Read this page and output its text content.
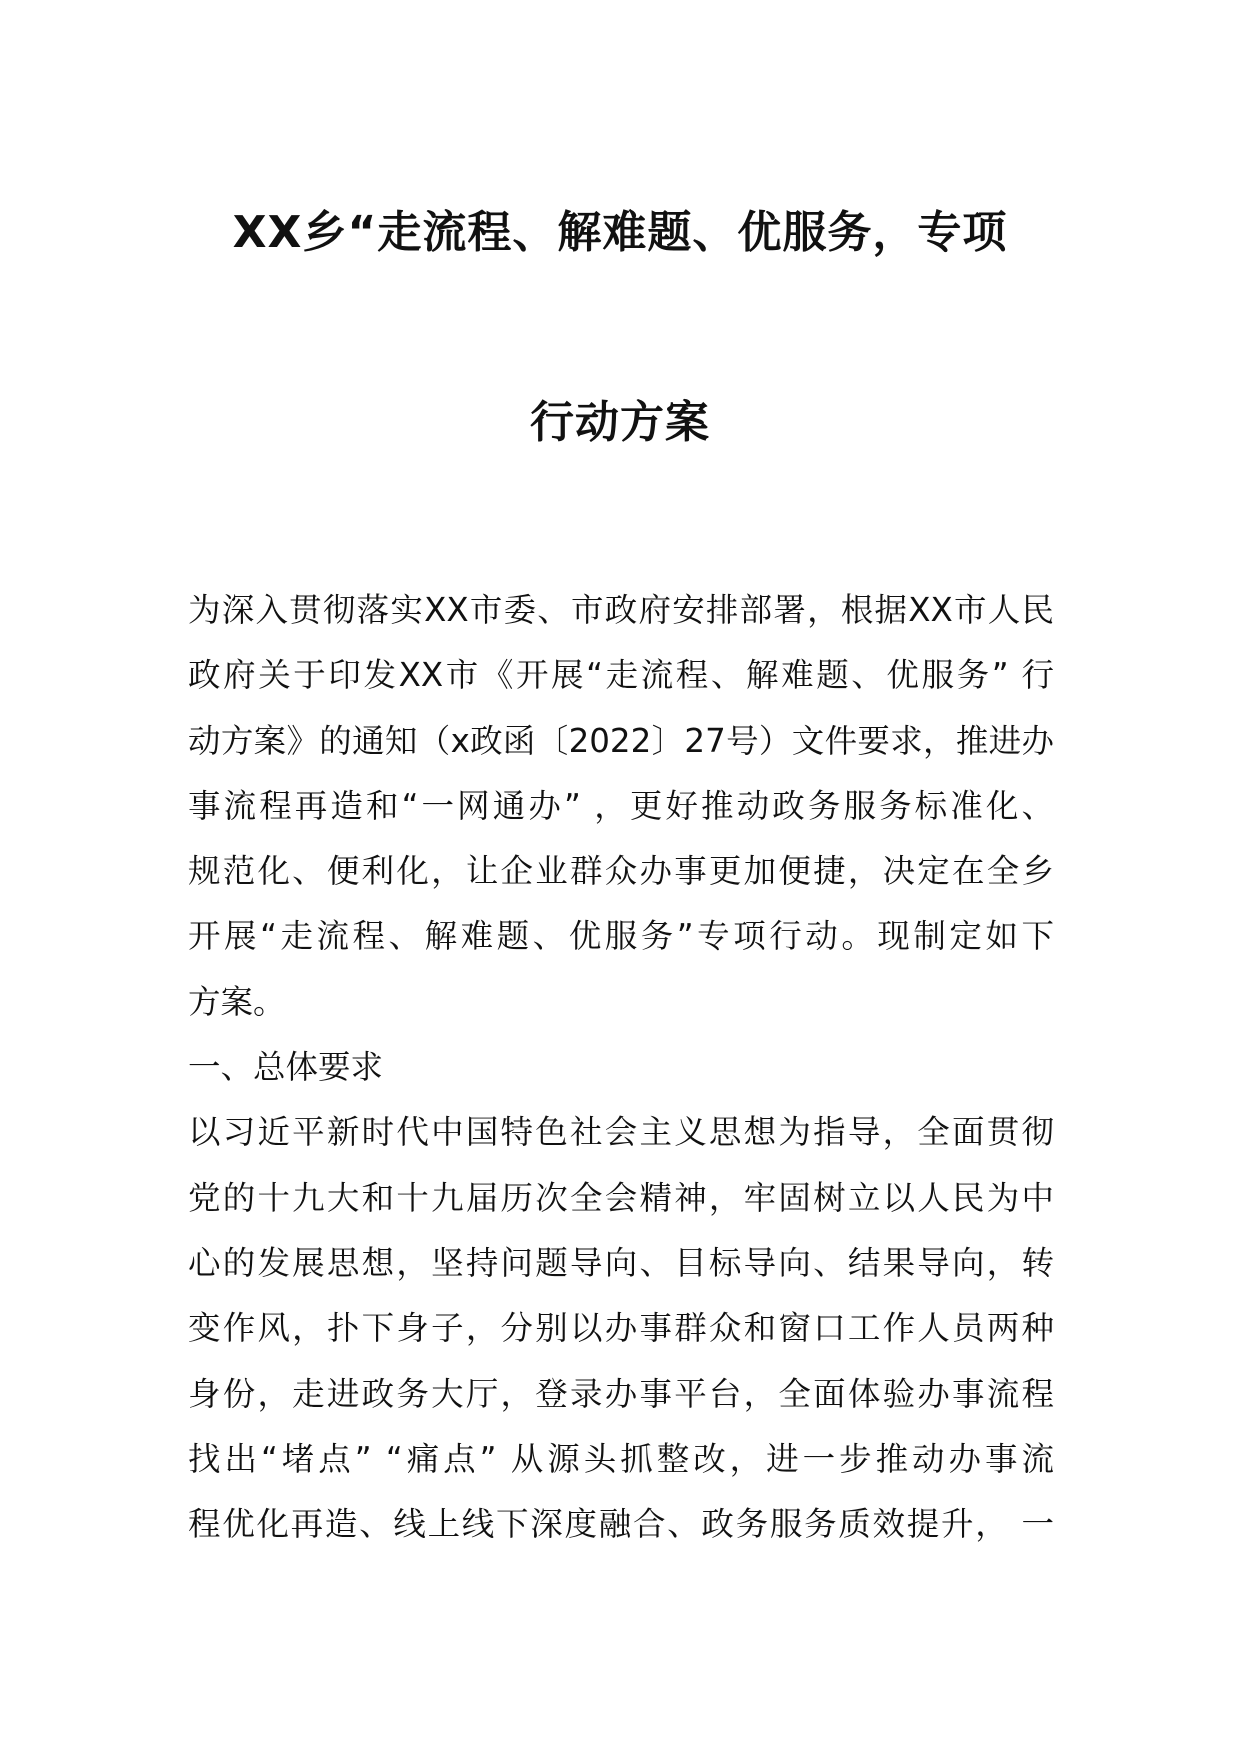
XX乡“走流程、解难题、优服务，专项
行动方案
为深入贯彻落实XX市委、市政府安排部署，根据XX市人民
政府关于印发XX市《开展“走流程、解难题、优服务” 行
动方案》的通知（x政函〔2022〕27号）文件要求，推进办
事流程再造和“一网通办” ，更好推动政务服务标准化、
规范化、便利化，让企业群众办事更加便捷，决定在全乡
开展“走流程、解难题、优服务”专项行动。现制定如下
方案。
一、总体要求
以习近平新时代中国特色社会主义思想为指导，全面贯彻
党的十九大和十九届历次全会精神，牢固树立以人民为中
心的发展思想，坚持问题导向、目标导向、结果导向，转
变作风，扑下身子，分别以办事群众和窗口工作人员两种
身份，走进政务大厅，登录办事平台，全面体验办事流程
找出“堵点” “痛点” 从源头抓整改，进一步推动办事流
程优化再造、线上线下深度融合、政务服务质效提升， 一
